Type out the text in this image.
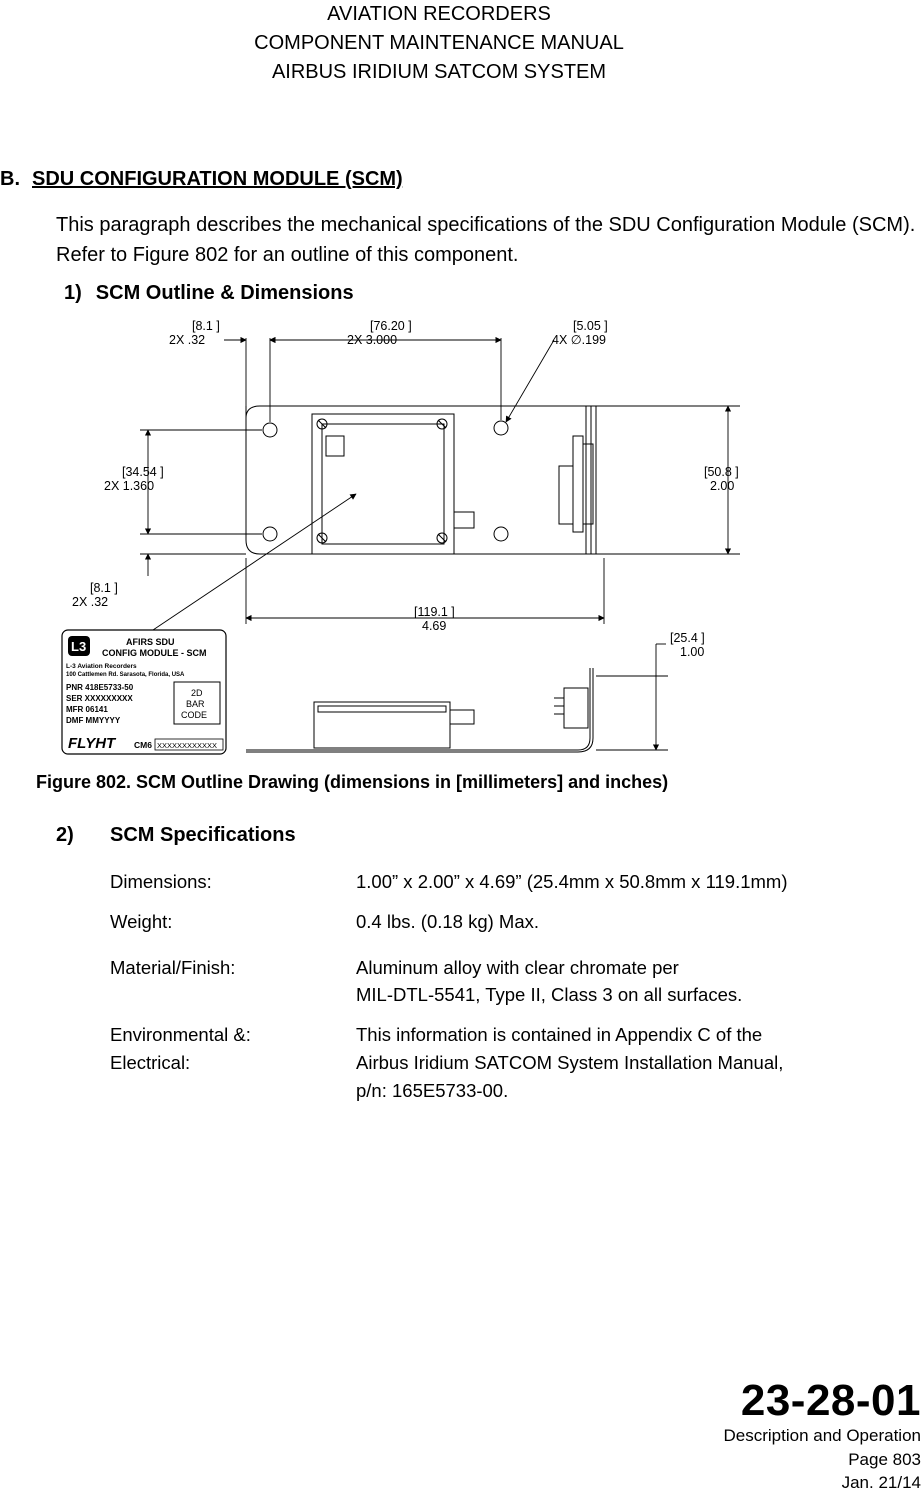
AVIATION RECORDERS
COMPONENT MAINTENANCE MANUAL
AIRBUS IRIDIUM SATCOM SYSTEM
B. SDU CONFIGURATION MODULE (SCM)
This paragraph describes the mechanical specifications of the SDU Configuration Module (SCM). Refer to Figure 802 for an outline of this component.
1) SCM Outline & Dimensions
[8.1 ]
2X .32
[76.20 ]
2X 3.000
[5.05 ]
4X ∅.199
[34.54 ]
2X 1.360
[50.8 ]
2.00
[8.1 ]
2X .32
[119.1 ]
4.69
[25.4 ]
1.00
L3	AFIRS SDU
CONFIG MODULE - SCM
L-3 Aviation Recorders
100 Cattlemen Rd. Sarasota, Florida, USA
PNR 418E5733-50
SER XXXXXXXXX
MFR 06141
DMF MMYYYY
2D
BAR
CODE
FLYHT CM6 XXXXXXXXXXXX
Figure 802. SCM Outline Drawing (dimensions in [millimeters] and inches)
2) SCM Specifications
Dimensions:	1.00” x 2.00” x 4.69” (25.4mm x 50.8mm x 119.1mm)
Weight:	0.4 lbs. (0.18 kg) Max.
Material/Finish:	Aluminum alloy with clear chromate per
MIL-DTL-5541, Type II, Class 3 on all surfaces.
Environmental &:	This information is contained in Appendix C of the
Electrical:	Airbus Iridium SATCOM System Installation Manual,
p/n: 165E5733-00.
23-28-01
Description and Operation
Page 803
Jan. 21/14
